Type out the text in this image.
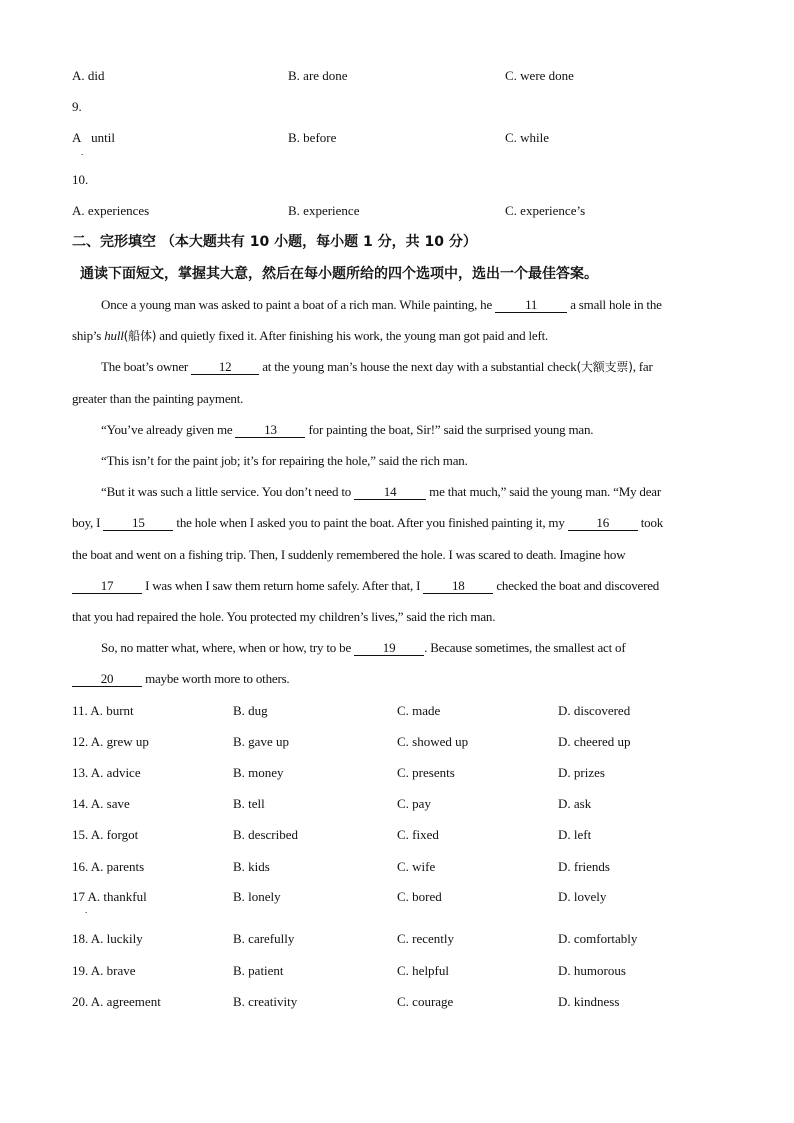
A. did	B. are done	C. were done
9.
A until
.
B. before	C. while
10.
A. experiences	B. experience	C. experience’s
二、完形填空 （本大题共有 10 小题，每小题 1 分，共 10 分）
通读下面短文，掌握其大意，然后在每小题所给的四个选项中，选出一个最佳答案。
Once a young man was asked to paint a boat of a rich man. While painting, he	11	a small hole in the
ship’s hull(船体) and quietly fixed it. After finishing his work, the young man got paid and left.
The boat’s owner 12 at the young man’s house the next day with a substantial check(大额支票), far
greater than the painting payment.
“You’ve already given me 13 for painting the boat, Sir!” said the surprised young man.
“This isn’t for the paint job; it’s for repairing the hole,” said the rich man.
“But it was such a little service. You don’t need to	14	me that much,” said the young man. “My dear
boy, I 15 the hole when I asked you to paint the boat. After you finished painting it, my 16 took
the boat and went on a fishing trip. Then, I suddenly remembered the hole. I was scared to death. Imagine how
17 I was when I saw them return home safely. After that, I 18 checked the boat and discovered
that you had repaired the hole. You protected my children’s lives,” said the rich man.
So, no matter what, where, when or how, try to be 19 . Because sometimes, the smallest act of
20 maybe worth more to others.
11. A. burnt	B. dug	C. made	D. discovered
12. A. grew up	B. gave up	C. showed up	D. cheered up
13. A. advice	B. money	C. presents	D. prizes
14. A. save	B. tell	C. pay	D. ask
15. A. forgot	B. described	C. fixed	D. left
16. A. parents	B. kids	C. wife	D. friends
17 A. thankful
.
B. lonely	C. bored	D. lovely
18. A. luckily	B. carefully	C. recently	D. comfortably
19. A. brave	B. patient	C. helpful	D. humorous
20. A. agreement	B. creativity	C. courage	D. kindness
